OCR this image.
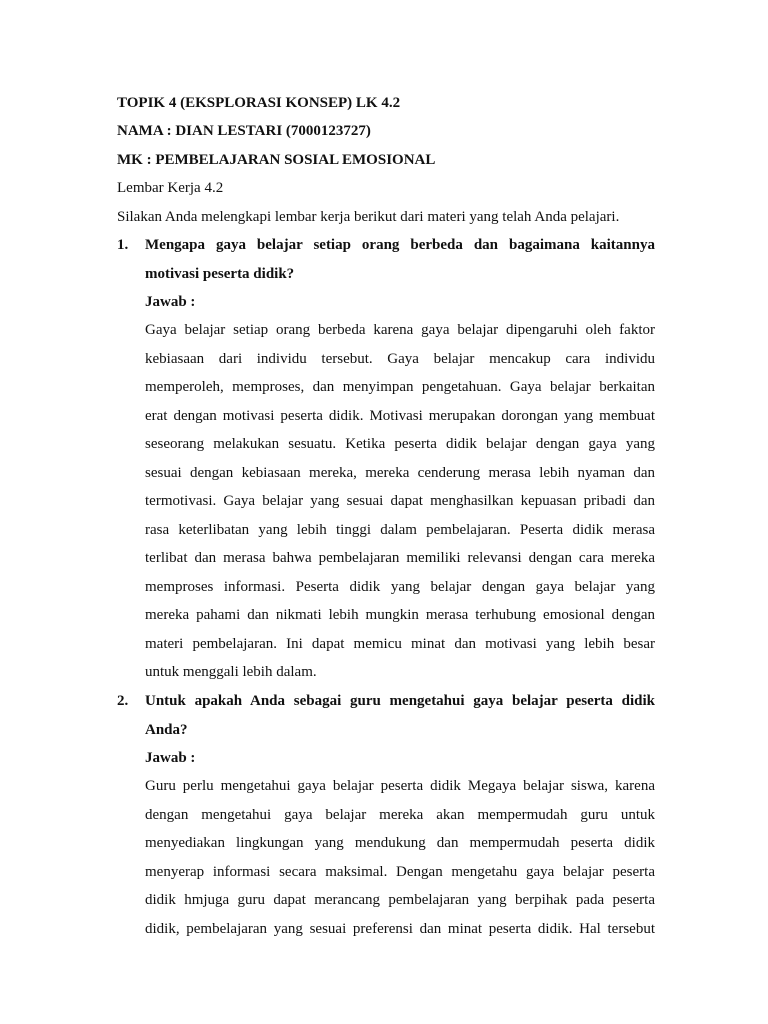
TOPIK 4 (EKSPLORASI KONSEP) LK 4.2
NAMA : DIAN LESTARI (7000123727)
MK : PEMBELAJARAN SOSIAL EMOSIONAL
Lembar Kerja 4.2
Silakan Anda melengkapi lembar kerja berikut dari materi yang telah Anda pelajari.
1. Mengapa gaya belajar setiap orang berbeda dan bagaimana kaitannya
motivasi peserta didik?
Jawab :
Gaya belajar setiap orang berbeda karena gaya belajar dipengaruhi oleh faktor
kebiasaan dari individu tersebut. Gaya belajar mencakup cara individu
memperoleh, memproses, dan menyimpan pengetahuan. Gaya belajar berkaitan
erat dengan motivasi peserta didik. Motivasi merupakan dorongan yang membuat
seseorang melakukan sesuatu. Ketika peserta didik belajar dengan gaya yang
sesuai dengan kebiasaan mereka, mereka cenderung merasa lebih nyaman dan
termotivasi. Gaya belajar yang sesuai dapat menghasilkan kepuasan pribadi dan
rasa keterlibatan yang lebih tinggi dalam pembelajaran. Peserta didik merasa
terlibat dan merasa bahwa pembelajaran memiliki relevansi dengan cara mereka
memproses informasi. Peserta didik yang belajar dengan gaya belajar yang
mereka pahami dan nikmati lebih mungkin merasa terhubung emosional dengan
materi pembelajaran. Ini dapat memicu minat dan motivasi yang lebih besar
untuk menggali lebih dalam.
2. Untuk apakah Anda sebagai guru mengetahui gaya belajar peserta didik
Anda?
Jawab :
Guru perlu mengetahui gaya belajar peserta didik Megaya belajar siswa, karena
dengan mengetahui gaya belajar mereka akan mempermudah guru untuk
menyediakan lingkungan yang mendukung dan mempermudah peserta didik
menyerap informasi secara maksimal. Dengan mengetahu gaya belajar peserta
didik hmjuga guru dapat merancang pembelajaran yang berpihak pada peserta
didik, pembelajaran yang sesuai preferensi dan minat peserta didik. Hal tersebut
